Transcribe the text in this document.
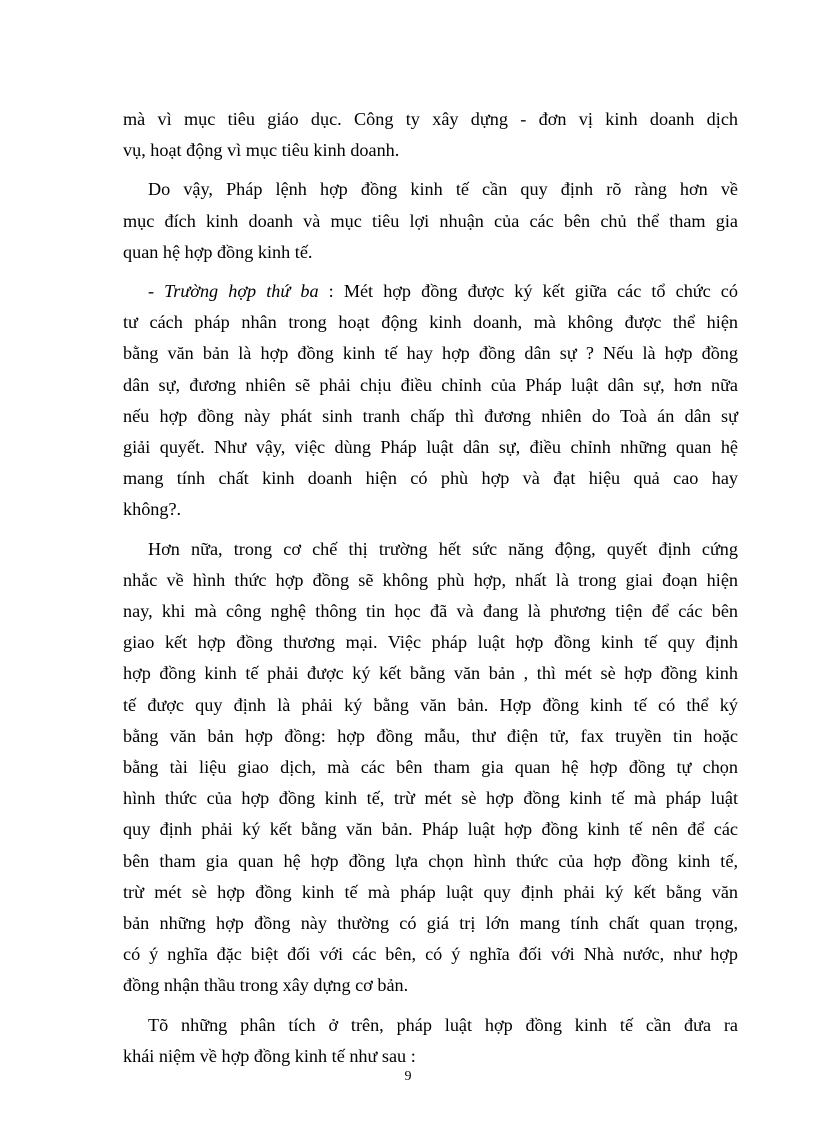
mà vì mục tiêu giáo dục. Công ty xây dựng - đơn vị kinh doanh dịch
vụ, hoạt động vì mục tiêu kinh doanh.

Do vậy, Pháp lệnh hợp đồng kinh tế cần quy định rõ ràng hơn về
mục đích kinh doanh và mục tiêu lợi nhuận của các bên chủ thể tham gia
quan hệ hợp đồng kinh tế.

- Trường hợp thứ ba : Mét hợp đồng được ký kết giữa các tổ chức có
tư cách pháp nhân trong hoạt động kinh doanh, mà không được thể hiện
bằng văn bản là hợp đồng kinh tế hay hợp đồng dân sự ? Nếu là hợp đồng
dân sự, đương nhiên sẽ phải chịu điều chỉnh của Pháp luật dân sự, hơn nữa
nếu hợp đồng này phát sinh tranh chấp thì đương nhiên do Toà án dân sự
giải quyết. Như vậy, việc dùng Pháp luật dân sự, điều chỉnh những quan hệ
mang tính chất kinh doanh hiện có phù hợp và đạt hiệu quả cao hay
không?.

Hơn nữa, trong cơ chế thị trường hết sức năng động, quyết định cứng
nhắc về hình thức hợp đồng sẽ không phù hợp, nhất là trong giai đoạn hiện
nay, khi mà công nghệ thông tin học đã và đang là phương tiện để các bên
giao kết hợp đồng thương mại. Việc pháp luật hợp đồng kinh tế quy định
hợp đồng kinh tế phải được ký kết bằng văn bản , thì mét sè hợp đồng kinh
tế được quy định là phải ký bằng văn bản. Hợp đồng kinh tế có thể ký
bằng văn bản hợp đồng: hợp đồng mẫu, thư điện tử, fax truyền tin hoặc
bằng tài liệu giao dịch, mà các bên tham gia quan hệ hợp đồng tự chọn
hình thức của hợp đồng kinh tế, trừ mét sè hợp đồng kinh tế mà pháp luật
quy định phải ký kết bằng văn bản. Pháp luật hợp đồng kinh tế nên để các
bên tham gia quan hệ hợp đồng lựa chọn hình thức của hợp đồng kinh tế,
trừ mét sè hợp đồng kinh tế mà pháp luật quy định phải ký kết bằng văn
bản những hợp đồng này thường có giá trị lớn mang tính chất quan trọng,
có ý nghĩa đặc biệt đối với các bên, có ý nghĩa đối với Nhà nước, như hợp
đồng nhận thầu trong xây dựng cơ bản.

Tõ những phân tích ở trên, pháp luật hợp đồng kinh tế cần đưa ra
khái niệm về hợp đồng kinh tế như sau :

9
